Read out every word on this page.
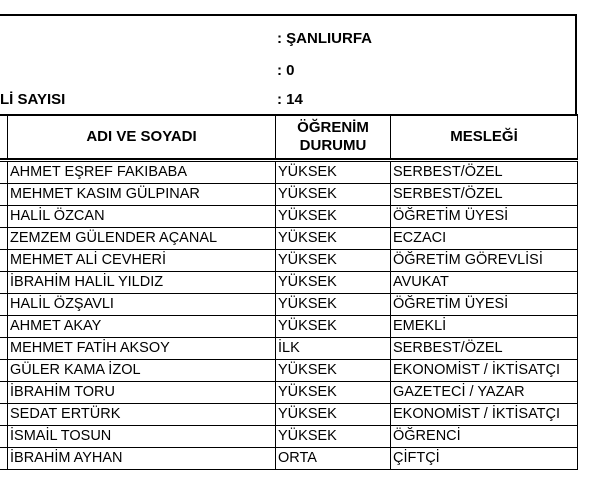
: ŞANLIURFA
: 0
Lİ SAYISI	: 14
	ADI VE SOYADI	ÖĞRENİM DURUMU	MESLEĞİ

	AHMET EŞREF FAKIBABA	YÜKSEK	SERBEST/ÖZEL
	MEHMET KASIM GÜLPINAR	YÜKSEK	SERBEST/ÖZEL
	HALİL ÖZCAN	YÜKSEK	ÖĞRETİM ÜYESİ
	ZEMZEM GÜLENDER AÇANAL	YÜKSEK	ECZACI
	MEHMET ALİ CEVHERİ	YÜKSEK	ÖĞRETİM GÖREVLİSİ
	İBRAHİM HALİL YILDIZ	YÜKSEK	AVUKAT
	HALİL ÖZŞAVLI	YÜKSEK	ÖĞRETİM ÜYESİ
	AHMET AKAY	YÜKSEK	EMEKLİ
	MEHMET FATİH AKSOY	İLK	SERBEST/ÖZEL
	GÜLER KAMA İZOL	YÜKSEK	EKONOMİST / İKTİSATÇI
	İBRAHİM TORU	YÜKSEK	GAZETECİ / YAZAR
	SEDAT ERTÜRK	YÜKSEK	EKONOMİST / İKTİSATÇI
	İSMAİL TOSUN	YÜKSEK	ÖĞRENCİ
	İBRAHİM AYHAN	ORTA	ÇİFTÇİ
